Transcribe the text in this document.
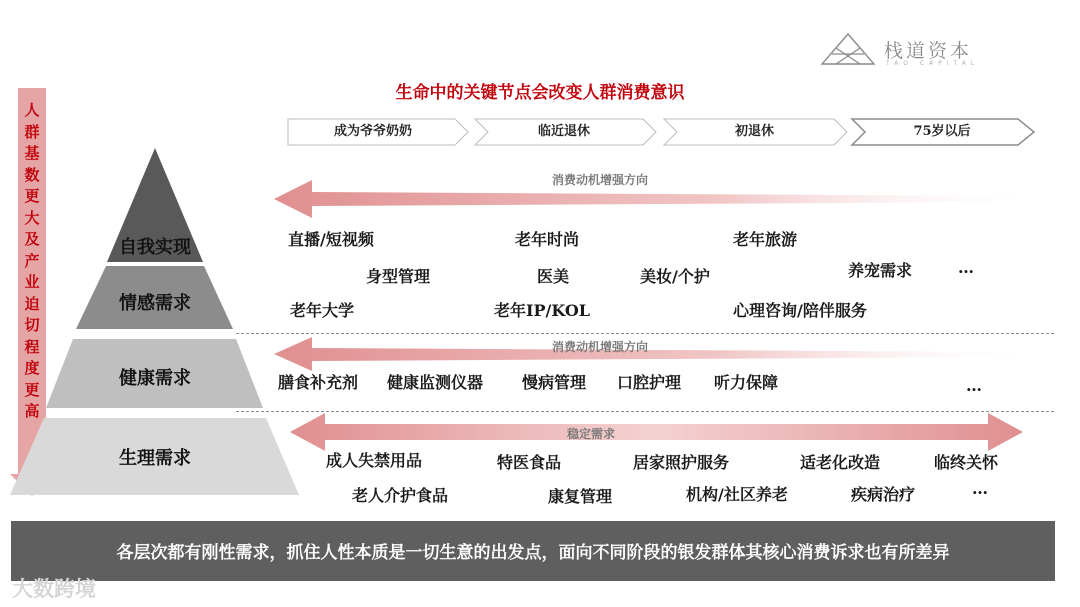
栈道资本
TAO CAPITAL
生命中的关键节点会改变人群消费意识
成为爷爷奶奶	临近退休	初退休	75岁以后
人
群
基
数
更
大
及
产
业
迫
切
程
度
更
高
自我实现
情感需求
健康需求
生理需求
消费动机增强方向
消费动机增强方向
稳定需求
直播/短视频	老年时尚	老年旅游
身型管理	医美	美妆/个护	养宠需求	…
老年大学	老年IP/KOL	心理咨询/陪伴服务
膳食补充剂 健康监测仪器 慢病管理 口腔护理 听力保障	…
成人失禁用品	特医食品	居家照护服务	适老化改造	临终关怀
老人介护食品	康复管理	机构/社区养老	疾病治疗	…
各层次都有刚性需求，抓住人性本质是一切生意的出发点，面向不同阶段的银发群体其核心消费诉求也有所差异
大数跨境
